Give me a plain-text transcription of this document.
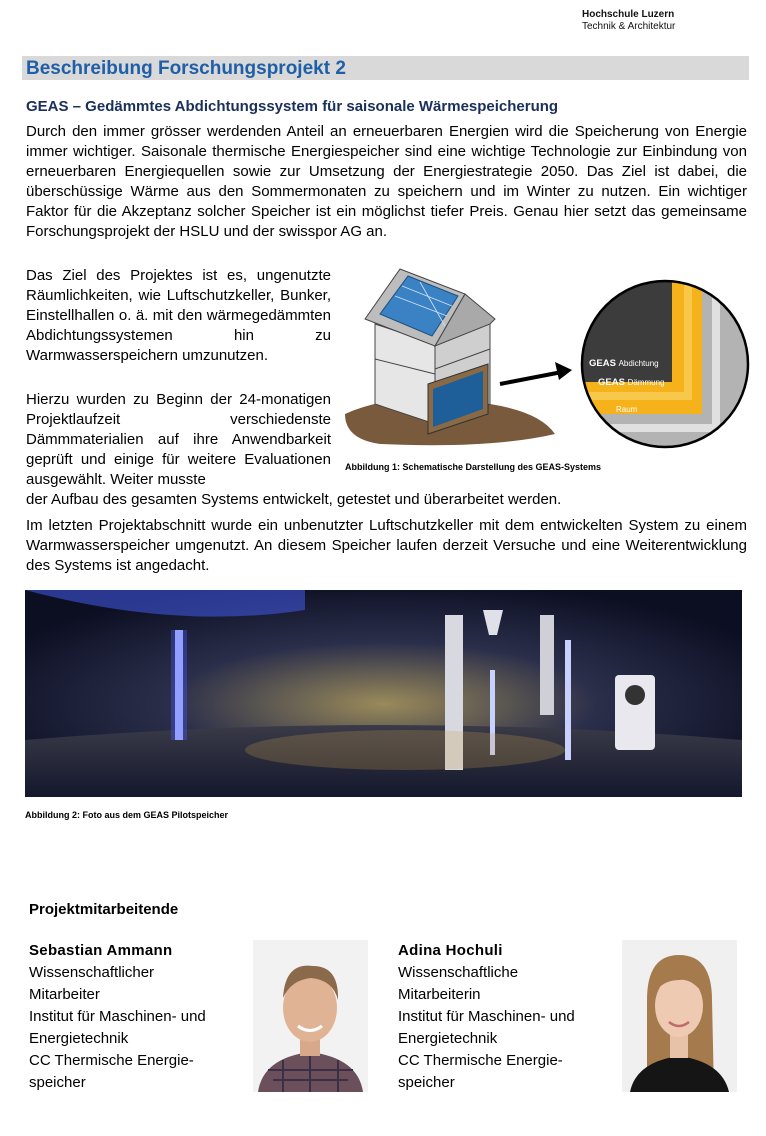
Hochschule Luzern
Technik & Architektur
Beschreibung Forschungsprojekt 2
GEAS – Gedämmtes Abdichtungssystem für saisonale Wärmespeicherung
Durch den immer grösser werdenden Anteil an erneuerbaren Energien wird die Speicherung von Energie immer wichtiger. Saisonale thermische Energiespeicher sind eine wichtige Technologie zur Einbindung von erneuerbaren Energiequellen sowie zur Umsetzung der Energiestrategie 2050. Das Ziel ist dabei, die überschüssige Wärme aus den Sommermonaten zu speichern und im Winter zu nutzen. Ein wichtiger Faktor für die Akzeptanz solcher Speicher ist ein möglichst tiefer Preis. Genau hier setzt das gemeinsame Forschungsprojekt der HSLU und der swisspor AG an.
Das Ziel des Projektes ist es, ungenutzte Räumlichkeiten, wie Luftschutzkeller, Bunker, Einstellhallen o. ä. mit den wärmegedämmten Abdichtungssystemen hin zu Warmwasserspeichern umzunutzen.
Hierzu wurden zu Beginn der 24-monatigen Projektlaufzeit verschiedenste Dämmmaterialien auf ihre Anwendbarkeit geprüft und einige für weitere Evaluationen ausgewählt. Weiter musste
der Aufbau des gesamten Systems entwickelt, getestet und überarbeitet werden.
Im letzten Projektabschnitt wurde ein unbenutzter Luftschutzkeller mit dem entwickelten System zu einem Warmwasserspeicher umgenutzt. An diesem Speicher laufen derzeit Versuche und eine Weiterentwicklung des Systems ist angedacht.
GEAS Abdichtung
GEAS Dämmung
Raum
Abbildung 1: Schematische Darstellung des GEAS-Systems
Abbildung 2: Foto aus dem GEAS Pilotspeicher
Projektmitarbeitende
Sebastian Ammann
Wissenschaftlicher
Mitarbeiter
Institut für Maschinen- und
Energietechnik
CC Thermische Energie-
speicher
Adina Hochuli
Wissenschaftliche
Mitarbeiterin
Institut für Maschinen- und
Energietechnik
CC Thermische Energie-
speicher
